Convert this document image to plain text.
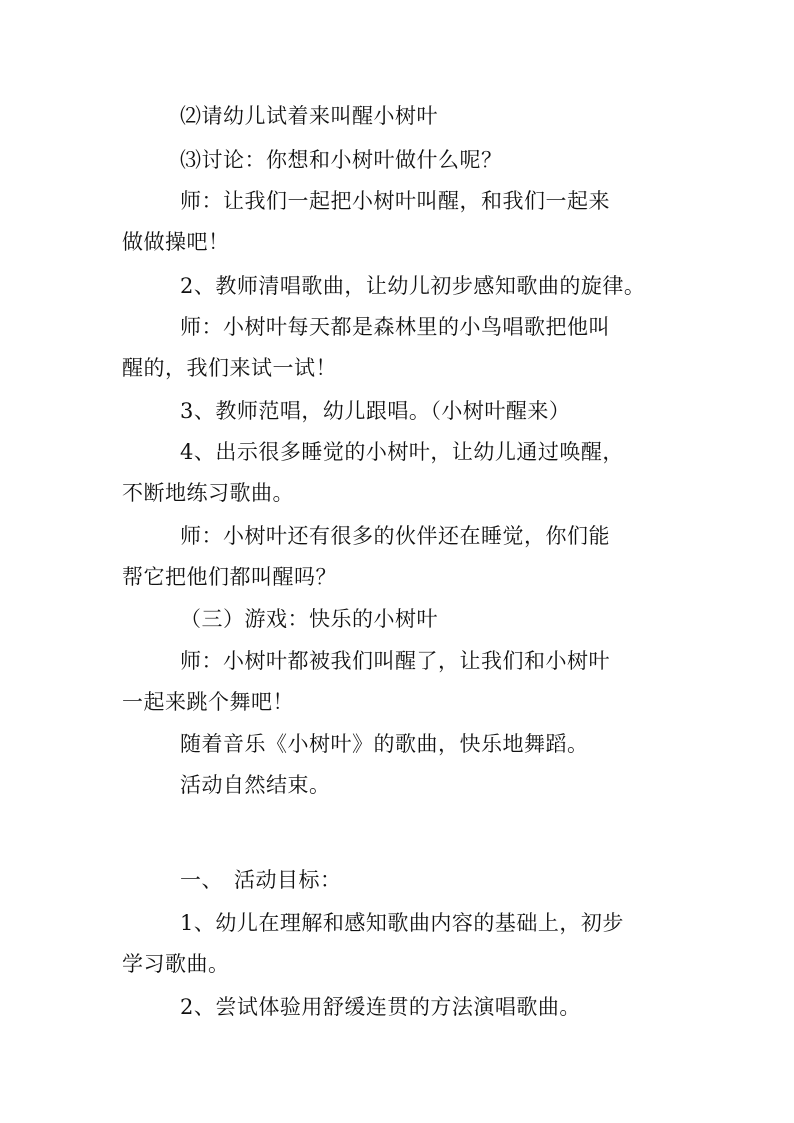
⑵请幼儿试着来叫醒小树叶
⑶讨论：你想和小树叶做什么呢？
师：让我们一起把小树叶叫醒，和我们一起来
做做操吧！
2、教师清唱歌曲，让幼儿初步感知歌曲的旋律。
师：小树叶每天都是森林里的小鸟唱歌把他叫
醒的，我们来试一试！
3、教师范唱，幼儿跟唱。（小树叶醒来）
4、出示很多睡觉的小树叶，让幼儿通过唤醒，
不断地练习歌曲。
师：小树叶还有很多的伙伴还在睡觉，你们能
帮它把他们都叫醒吗？
（三）游戏：快乐的小树叶
师：小树叶都被我们叫醒了，让我们和小树叶
一起来跳个舞吧！
随着音乐《小树叶》的歌曲，快乐地舞蹈。
活动自然结束。
一、　活动目标：
1、幼儿在理解和感知歌曲内容的基础上，初步
学习歌曲。
2、尝试体验用舒缓连贯的方法演唱歌曲。
